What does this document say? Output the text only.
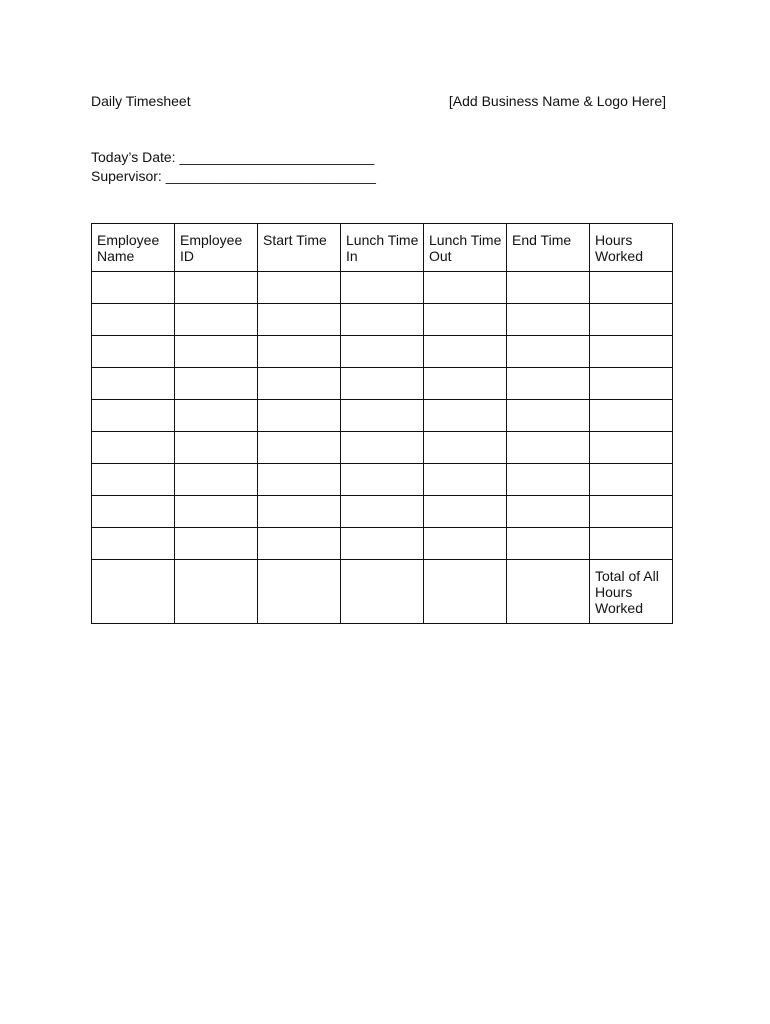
Daily Timesheet	[Add Business Name & Logo Here]
Today’s Date: _________________________
Supervisor: ___________________________
Employee Name	Employee ID	Start Time	Lunch Time In	Lunch Time Out	End Time	Hours Worked

						Total of All Hours Worked
